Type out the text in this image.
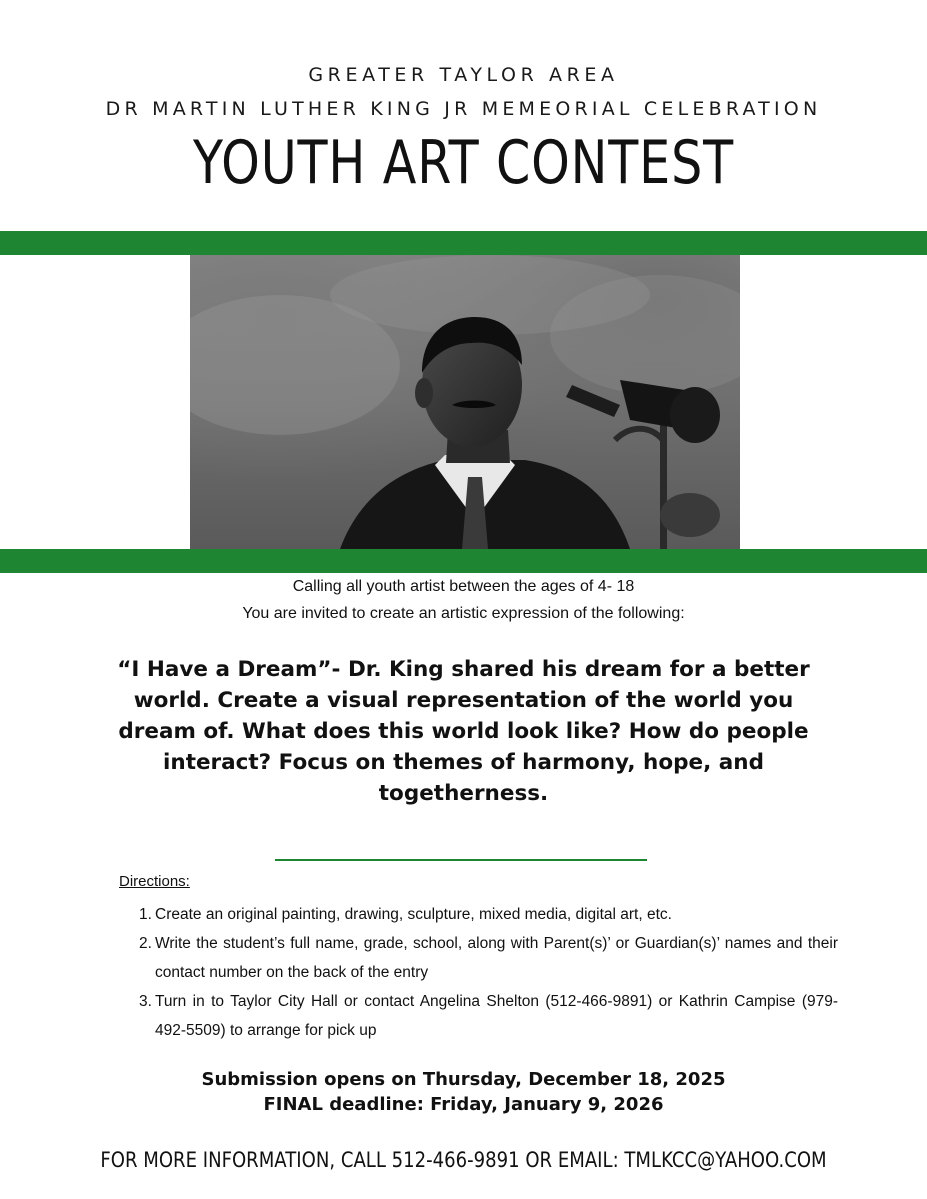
GREATER TAYLOR AREA
DR MARTIN LUTHER KING JR MEMEORIAL CELEBRATION
YOUTH ART CONTEST
Calling all youth artist between the ages of 4- 18
You are invited to create an artistic expression of the following:
“I Have a Dream”- Dr. King shared his dream for a better world. Create a visual representation of the world you dream of. What does this world look like? How do people interact? Focus on themes of harmony, hope, and togetherness.
Directions:
1. Create an original painting, drawing, sculpture, mixed media, digital art, etc.
2. Write the student’s full name, grade, school, along with Parent(s)’ or Guardian(s)’ names and their contact number on the back of the entry
3. Turn in to Taylor City Hall or contact Angelina Shelton (512-466-9891) or Kathrin Campise (979-492-5509) to arrange for pick up
Submission opens on Thursday, December 18, 2025
FINAL deadline: Friday, January 9, 2026
FOR MORE INFORMATION, CALL 512-466-9891 OR EMAIL: TMLKCC@YAHOO.COM
